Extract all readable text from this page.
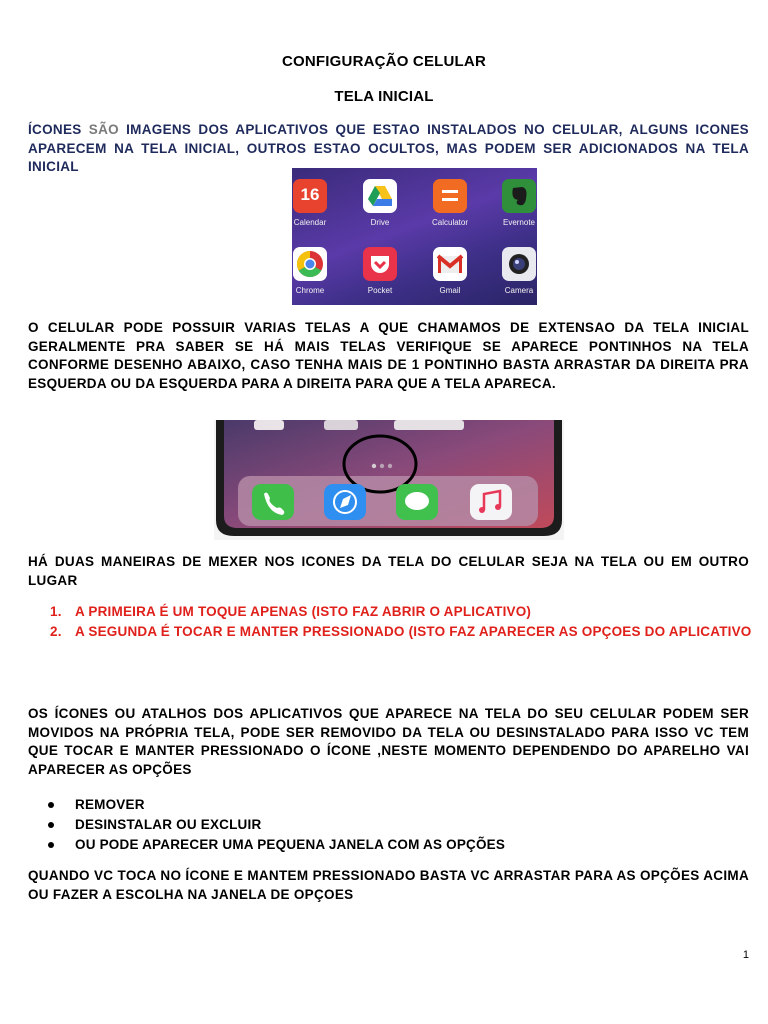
CONFIGURAÇÃO CELULAR
TELA INICIAL
ÍCONES SÃO IMAGENS DOS APLICATIVOS QUE ESTAO INSTALADOS NO CELULAR, ALGUNS ICONES APARECEM NA TELA INICIAL, OUTROS ESTAO OCULTOS, MAS PODEM SER ADICIONADOS NA TELA INICIAL
16
Calendar	Drive	Calculator	Evernote
Chrome	Pocket	Gmail	Camera
O CELULAR PODE POSSUIR VARIAS TELAS A QUE CHAMAMOS DE EXTENSAO DA TELA INICIAL GERALMENTE PRA SABER SE HÁ MAIS TELAS VERIFIQUE SE APARECE PONTINHOS NA TELA CONFORME DESENHO ABAIXO, CASO TENHA MAIS DE 1 PONTINHO BASTA ARRASTAR DA DIREITA PRA ESQUERDA OU DA ESQUERDA PARA A DIREITA PARA QUE A TELA APARECA.
HÁ DUAS MANEIRAS DE MEXER NOS ICONES DA TELA DO CELULAR SEJA NA TELA OU EM OUTRO LUGAR
1. A PRIMEIRA É UM TOQUE APENAS (ISTO FAZ ABRIR O APLICATIVO)
2. A SEGUNDA É TOCAR E MANTER PRESSIONADO (ISTO FAZ APARECER AS OPÇOES DO APLICATIVO
OS ÍCONES OU ATALHOS DOS APLICATIVOS QUE APARECE NA TELA DO SEU CELULAR PODEM SER MOVIDOS NA PRÓPRIA TELA, PODE SER REMOVIDO DA TELA OU DESINSTALADO PARA ISSO VC TEM QUE TOCAR E MANTER PRESSIONADO O ÍCONE ,NESTE MOMENTO DEPENDENDO DO APARELHO VAI APARECER AS OPÇÕES
REMOVER
DESINSTALAR OU EXCLUIR
OU PODE APARECER UMA PEQUENA JANELA COM AS OPÇÕES
QUANDO VC TOCA NO ÍCONE E MANTEM PRESSIONADO BASTA VC ARRASTAR PARA AS OPÇÕES ACIMA OU FAZER A ESCOLHA NA JANELA DE OPÇOES
1
